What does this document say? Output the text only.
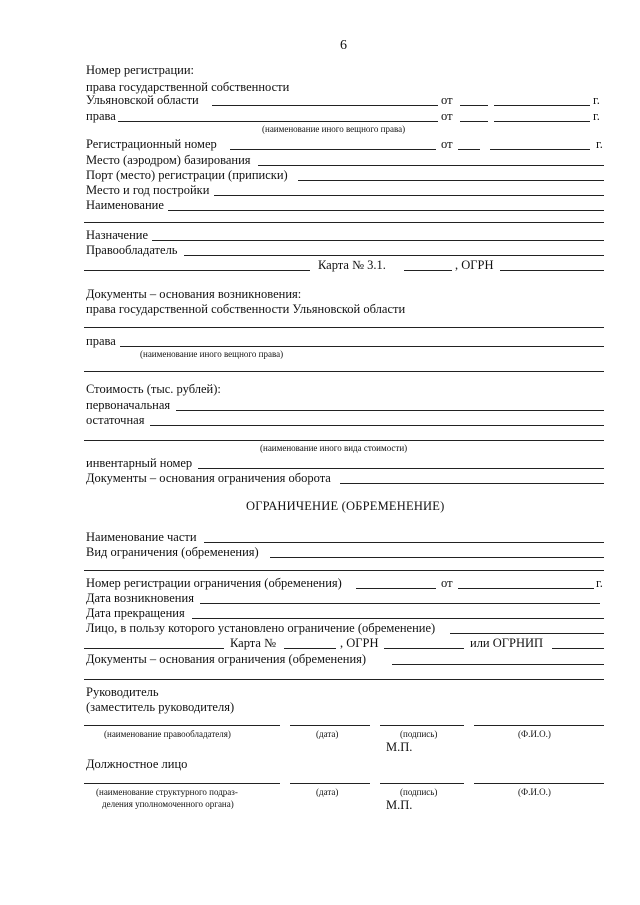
6
Номер регистрации:
права государственной собственности
Ульяновской области	от	г.
права	от	г.
(наименование иного вещного права)
Регистрационный номер	от	г.
Место (аэродром) базирования
Порт (место) регистрации (приписки)
Место и год постройки
Наименование
Назначение
Правообладатель
Карта № 3.1.	, ОГРН
Документы – основания возникновения:
права государственной собственности Ульяновской области
права
(наименование иного вещного права)
Стоимость (тыс. рублей):
первоначальная
остаточная
(наименование иного вида стоимости)
инвентарный номер
Документы – основания ограничения оборота
ОГРАНИЧЕНИЕ (ОБРЕМЕНЕНИЕ)
Наименование части
Вид ограничения (обременения)
Номер регистрации ограничения (обременения)	от	г.
Дата возникновения
Дата прекращения
Лицо, в пользу которого установлено ограничение (обременение)
Карта №	, ОГРН	или ОГРНИП
Документы – основания ограничения (обременения)
Руководитель
(заместитель руководителя)
(наименование правообладателя)	(дата)	(подпись)	(Ф.И.О.)
М.П.
Должностное лицо
(наименование структурного подраз-
деления уполномоченного органа)
(дата)	(подпись)	(Ф.И.О.)
М.П.
